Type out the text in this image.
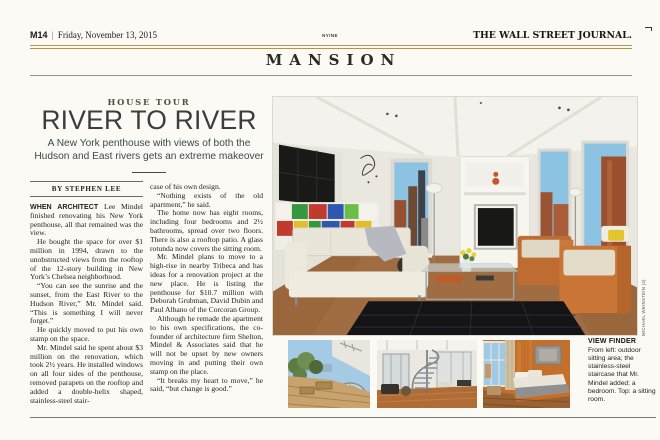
M14 | Friday, November 13, 2015	NY/NE	THE WALL STREET JOURNAL.
MANSION
HOUSE TOUR
RIVER TO RIVER
A New York penthouse with views of both the Hudson and East rivers gets an extreme makeover
BY STEPHEN LEE

WHEN ARCHITECT Lee Mindel finished renovating his New York penthouse, all that remained was the view.

He bought the space for over $1 million in 1994, drawn to the unobstructed views from the rooftop of the 12-story building in New York’s Chelsea neighborhood.

“You can see the sunrise and the sunset, from the East River to the Hudson River,” Mr. Mindel said. “This is something I will never forget.”

He quickly moved to put his own stamp on the space.

Mr. Mindel said he spent about $3 million on the renovation, which took 2½ years. He installed windows on all four sides of the penthouse, removed parapets on the rooftop and added a double-helix shaped, stainless-steel stair-

case of his own design.

“Nothing exists of the old apartment,” he said.

The home now has eight rooms, including four bedrooms and 2½ bathrooms, spread over two floors. There is also a rooftop patio. A glass rotunda now covers the sitting room.

Mr. Mindel plans to move to a high-rise in nearby Tribeca and has ideas for a renovation project at the new place. He is listing the penthouse for $10.7 million with Deborah Grubman, David Dubin and Paul Albano of the Corcoran Group.

Although he remade the apartment to his own specifications, the co-founder of architecture firm Shelton, Mindel & Associates said that he will not be upset by new owners moving in and putting their own stamp on the place.

“It breaks my heart to move,” he said, “but change is good.”

MICHAEL WEINSTEIN (4)
VIEW FINDER
From left: outdoor sitting area; the stainless-steel staircase that Mr. Mindel added; a bedroom. Top: a sitting room.
